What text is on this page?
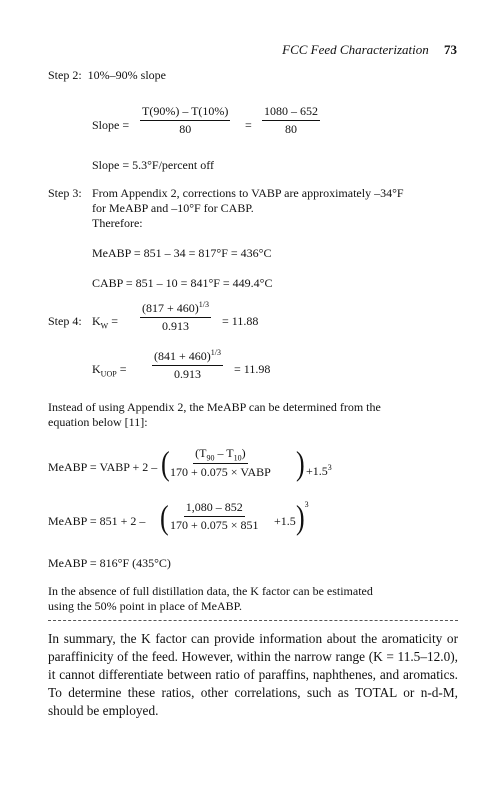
FCC Feed Characterization 73
Step 2: 10%–90% slope
Slope = $\frac{T(90\%) - T(10\%)}{80} = \frac{1080 - 652}{80}$
Slope = 5.3°F/percent off
Step 3: From Appendix 2, corrections to VABP are approximately –34°F
for MeABP and –10°F for CABP.
Therefore:
MeABP = 851 – 34 = 817°F = 436°C
CABP = 851 – 10 = 841°F = 449.4°C
Step 4: $K_W = \frac{(817 + 460)^{1/3}}{0.913} = 11.88$
$K_{UOP} = \frac{(841 + 460)^{1/3}}{0.913} = 11.98$
Instead of using Appendix 2, the MeABP can be determined from the
equation below [11]:
MeABP = VABP + 2 – ( $(T_{90} - T_{10})$
170 + 0.075 × VABP ) $+1.5^3$
MeABP = 851 + 2 – ( $\frac{1,080 - 852}{170 + 0.075 \times 851} +1.5$ )$^3$
MeABP = 816°F (435°C)
In the absence of full distillation data, the K factor can be estimated
using the 50% point in place of MeABP.
In summary, the K factor can provide information about the aromaticity or paraffinicity of the feed. However, within the narrow range (K = 11.5–12.0), it cannot differentiate between ratio of paraffins, naphthenes, and aromatics. To determine these ratios, other correlations, such as TOTAL or n-d-M, should be employed.
